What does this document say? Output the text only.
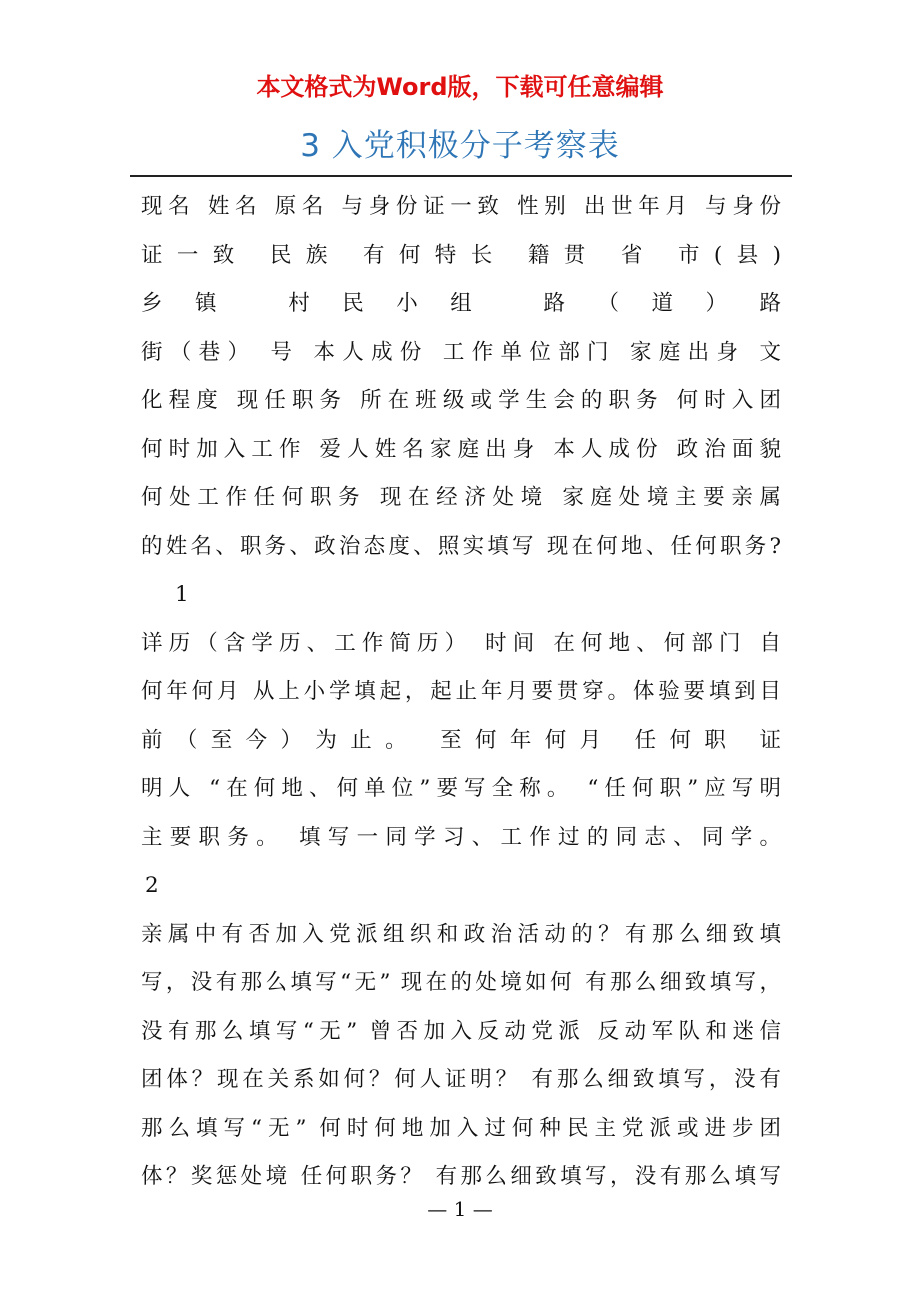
本文格式为Word版，下载可任意编辑
3 入党积极分子考察表
现名 姓名 原名 与身份证一致 性别 出世年月 与身份
证一致 民族 有何特长 籍贯 省 市(县)
乡镇 村民小组 路（道）路
街（巷） 号 本人成份 工作单位部门 家庭出身 文
化程度 现任职务 所在班级或学生会的职务 何时入团
何时加入工作 爱人姓名家庭出身 本人成份 政治面貌
何处工作任何职务 现在经济处境 家庭处境主要亲属
的姓名、职务、政治态度、照实填写 现在何地、任何职务?
1
详历（含学历、工作简历） 时间 在何地、何部门 自
何年何月 从上小学填起，起止年月要贯穿。体验要填到目
前（至今）为止。 至何年何月 任何职 证
明人 “在何地、何单位”要写全称。 “任何职”应写明
主要职务。 填写一同学习、工作过的同志、同学。
2
亲属中有否加入党派组织和政治活动的？有那么细致填
写，没有那么填写“无” 现在的处境如何 有那么细致填写，
没有那么填写“无” 曾否加入反动党派 反动军队和迷信
团体？现在关系如何？何人证明？ 有那么细致填写，没有
那么填写“无” 何时何地加入过何种民主党派或进步团
体？奖惩处境 任何职务？ 有那么细致填写，没有那么填写
— 1 —
